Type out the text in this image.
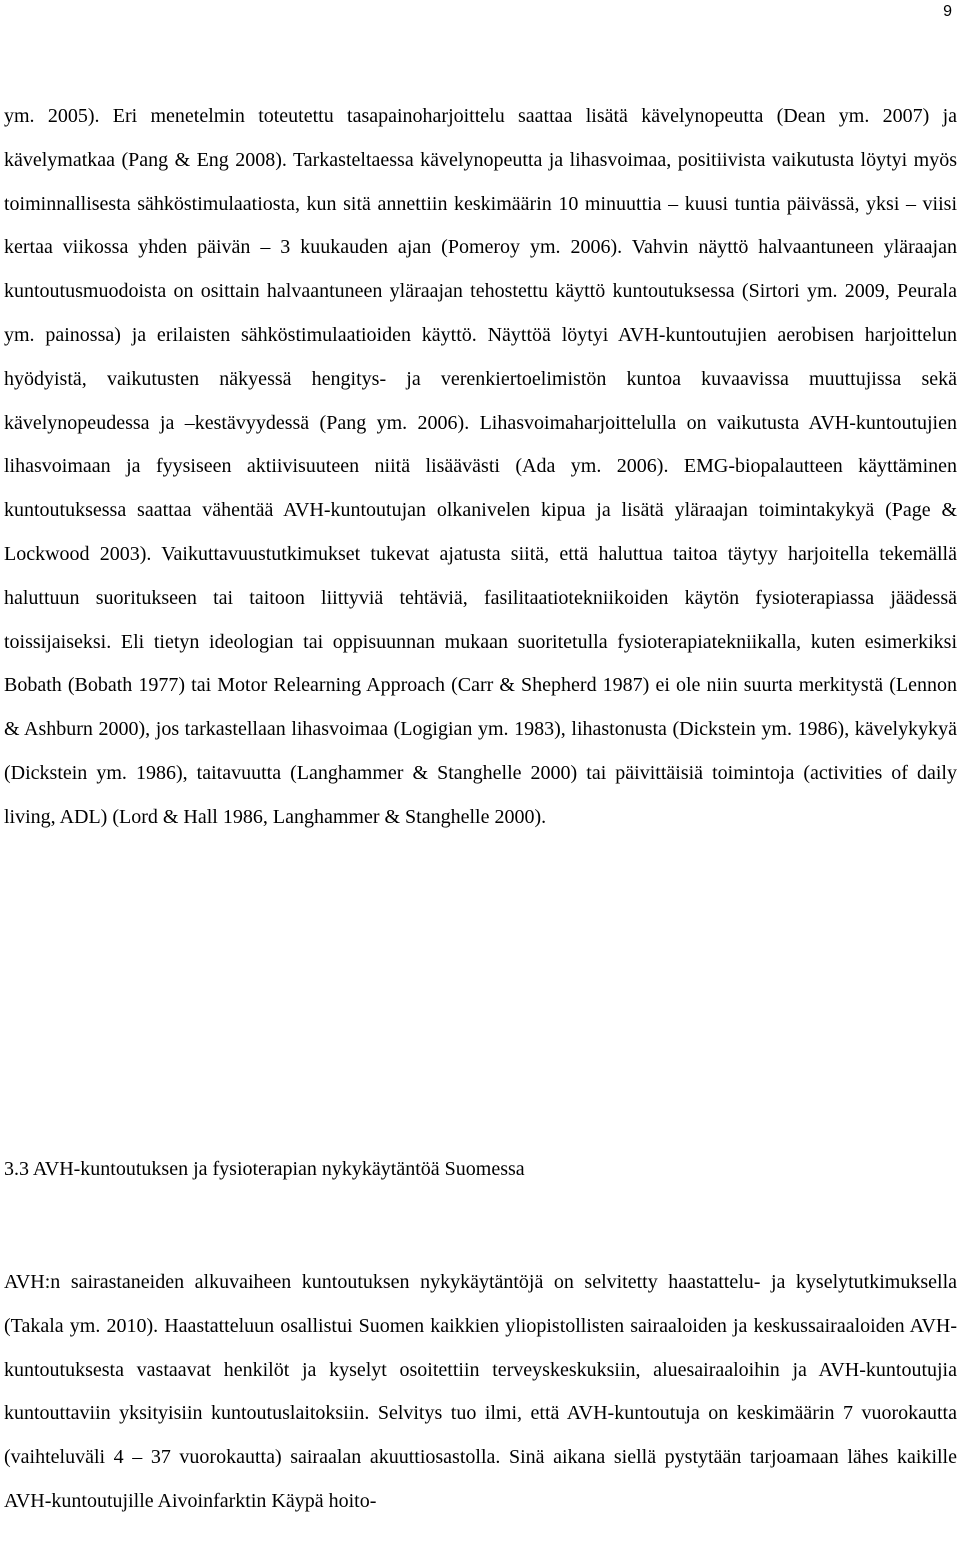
9

ym. 2005). Eri menetelmin toteutettu tasapainoharjoittelu saattaa lisätä kävelynopeutta (Dean ym. 2007) ja kävelymatkaa (Pang & Eng 2008). Tarkasteltaessa kävelynopeutta ja lihasvoimaa, positiivista vaikutusta löytyi myös toiminnallisesta sähköstimulaatiosta, kun sitä annettiin keskimäärin 10 minuuttia – kuusi tuntia päivässä, yksi – viisi kertaa viikossa yhden päivän – 3 kuukauden ajan (Pomeroy ym. 2006). Vahvin näyttö halvaantuneen yläraajan kuntoutusmuodoista on osittain halvaantuneen yläraajan tehostettu käyttö kuntoutuksessa (Sirtori ym. 2009, Peurala ym. painossa) ja erilaisten sähköstimulaatioiden käyttö. Näyttöä löytyi AVH-kuntoutujien aerobisen harjoittelun hyödyistä, vaikutusten näkyessä hengitys- ja verenkiertoelimistön kuntoa kuvaavissa muuttujissa sekä kävelynopeudessa ja –kestävyydessä (Pang ym. 2006). Lihasvoimaharjoittelulla on vaikutusta AVH-kuntoutujien lihasvoimaan ja fyysiseen aktiivisuuteen niitä lisäävästi (Ada ym. 2006). EMG-biopalautteen käyttäminen kuntoutuksessa saattaa vähentää AVH-kuntoutujan olkanivelen kipua ja lisätä yläraajan toimintakykyä (Page & Lockwood 2003). Vaikuttavuustutkimukset tukevat ajatusta siitä, että haluttua taitoa täytyy harjoitella tekemällä haluttuun suoritukseen tai taitoon liittyviä tehtäviä, fasilitaatiotekniikoiden käytön fysioterapiassa jäädessä toissijaiseksi. Eli tietyn ideologian tai oppisuunnan mukaan suoritetulla fysioterapiatekniikalla, kuten esimerkiksi Bobath (Bobath 1977) tai Motor Relearning Approach (Carr & Shepherd 1987) ei ole niin suurta merkitystä (Lennon & Ashburn 2000), jos tarkastellaan lihasvoimaa (Logigian ym. 1983), lihastonusta (Dickstein ym. 1986), kävelykykyä (Dickstein ym. 1986), taitavuutta (Langhammer & Stanghelle 2000) tai päivittäisiä toimintoja (activities of daily living, ADL) (Lord & Hall 1986, Langhammer & Stanghelle 2000).

3.3 AVH-kuntoutuksen ja fysioterapian nykykäytäntöä Suomessa

AVH:n sairastaneiden alkuvaiheen kuntoutuksen nykykäytäntöjä on selvitetty haastattelu- ja kyselytutkimuksella (Takala ym. 2010). Haastatteluun osallistui Suomen kaikkien yliopistollisten sairaaloiden ja keskussairaaloiden AVH-kuntoutuksesta vastaavat henkilöt ja kyselyt osoitettiin terveyskeskuksiin, aluesairaaloihin ja AVH-kuntoutujia kuntouttaviin yksityisiin kuntoutuslaitoksiin. Selvitys tuo ilmi, että AVH-kuntoutuja on keskimäärin 7 vuorokautta (vaihteluväli 4 – 37 vuorokautta) sairaalan akuuttiosastolla. Sinä aikana siellä pystytään tarjoamaan lähes kaikille AVH-kuntoutujille Aivoinfarktin Käypä hoito-
